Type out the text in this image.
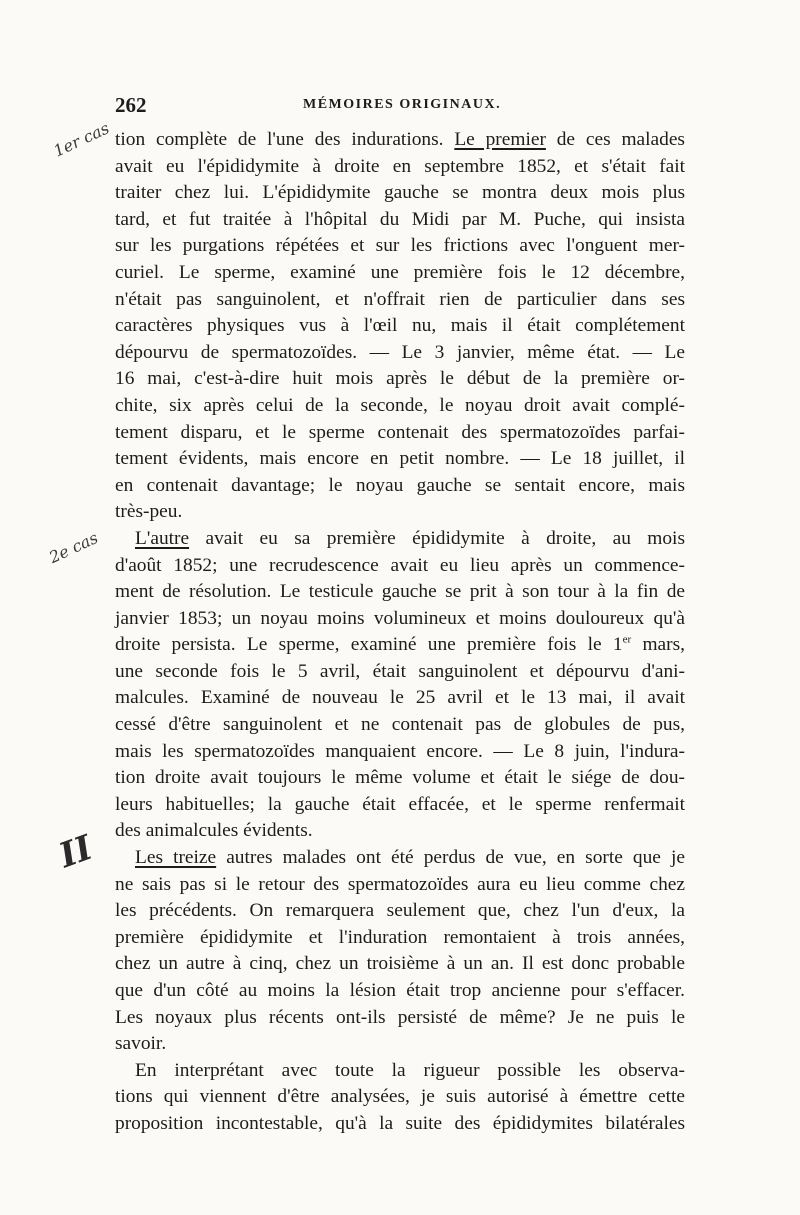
262	MÉMOIRES ORIGINAUX.
1er cas
2e cas
II
tion complète de l'une des indurations. Le premier de ces malades
avait eu l'épididymite à droite en septembre 1852, et s'était fait
traiter chez lui. L'épididymite gauche se montra deux mois plus
tard, et fut traitée à l'hôpital du Midi par M. Puche, qui insista
sur les purgations répétées et sur les frictions avec l'onguent mer-
curiel. Le sperme, examiné une première fois le 12 décembre,
n'était pas sanguinolent, et n'offrait rien de particulier dans ses
caractères physiques vus à l'œil nu, mais il était complétement
dépourvu de spermatozoïdes. — Le 3 janvier, même état. — Le
16 mai, c'est-à-dire huit mois après le début de la première or-
chite, six après celui de la seconde, le noyau droit avait complé-
tement disparu, et le sperme contenait des spermatozoïdes parfai-
tement évidents, mais encore en petit nombre. — Le 18 juillet, il
en contenait davantage; le noyau gauche se sentait encore, mais
très-peu.
L'autre avait eu sa première épididymite à droite, au mois
d'août 1852; une recrudescence avait eu lieu après un commence-
ment de résolution. Le testicule gauche se prit à son tour à la fin de
janvier 1853; un noyau moins volumineux et moins douloureux qu'à
droite persista. Le sperme, examiné une première fois le 1er mars,
une seconde fois le 5 avril, était sanguinolent et dépourvu d'ani-
malcules. Examiné de nouveau le 25 avril et le 13 mai, il avait
cessé d'être sanguinolent et ne contenait pas de globules de pus,
mais les spermatozoïdes manquaient encore. — Le 8 juin, l'indura-
tion droite avait toujours le même volume et était le siége de dou-
leurs habituelles; la gauche était effacée, et le sperme renfermait
des animalcules évidents.
Les treize autres malades ont été perdus de vue, en sorte que je
ne sais pas si le retour des spermatozoïdes aura eu lieu comme chez
les précédents. On remarquera seulement que, chez l'un d'eux, la
première épididymite et l'induration remontaient à trois années,
chez un autre à cinq, chez un troisième à un an. Il est donc probable
que d'un côté au moins la lésion était trop ancienne pour s'effacer.
Les noyaux plus récents ont-ils persisté de même? Je ne puis le
savoir.
En interprétant avec toute la rigueur possible les observa-
tions qui viennent d'être analysées, je suis autorisé à émettre cette
proposition incontestable, qu'à la suite des épididymites bilatérales
